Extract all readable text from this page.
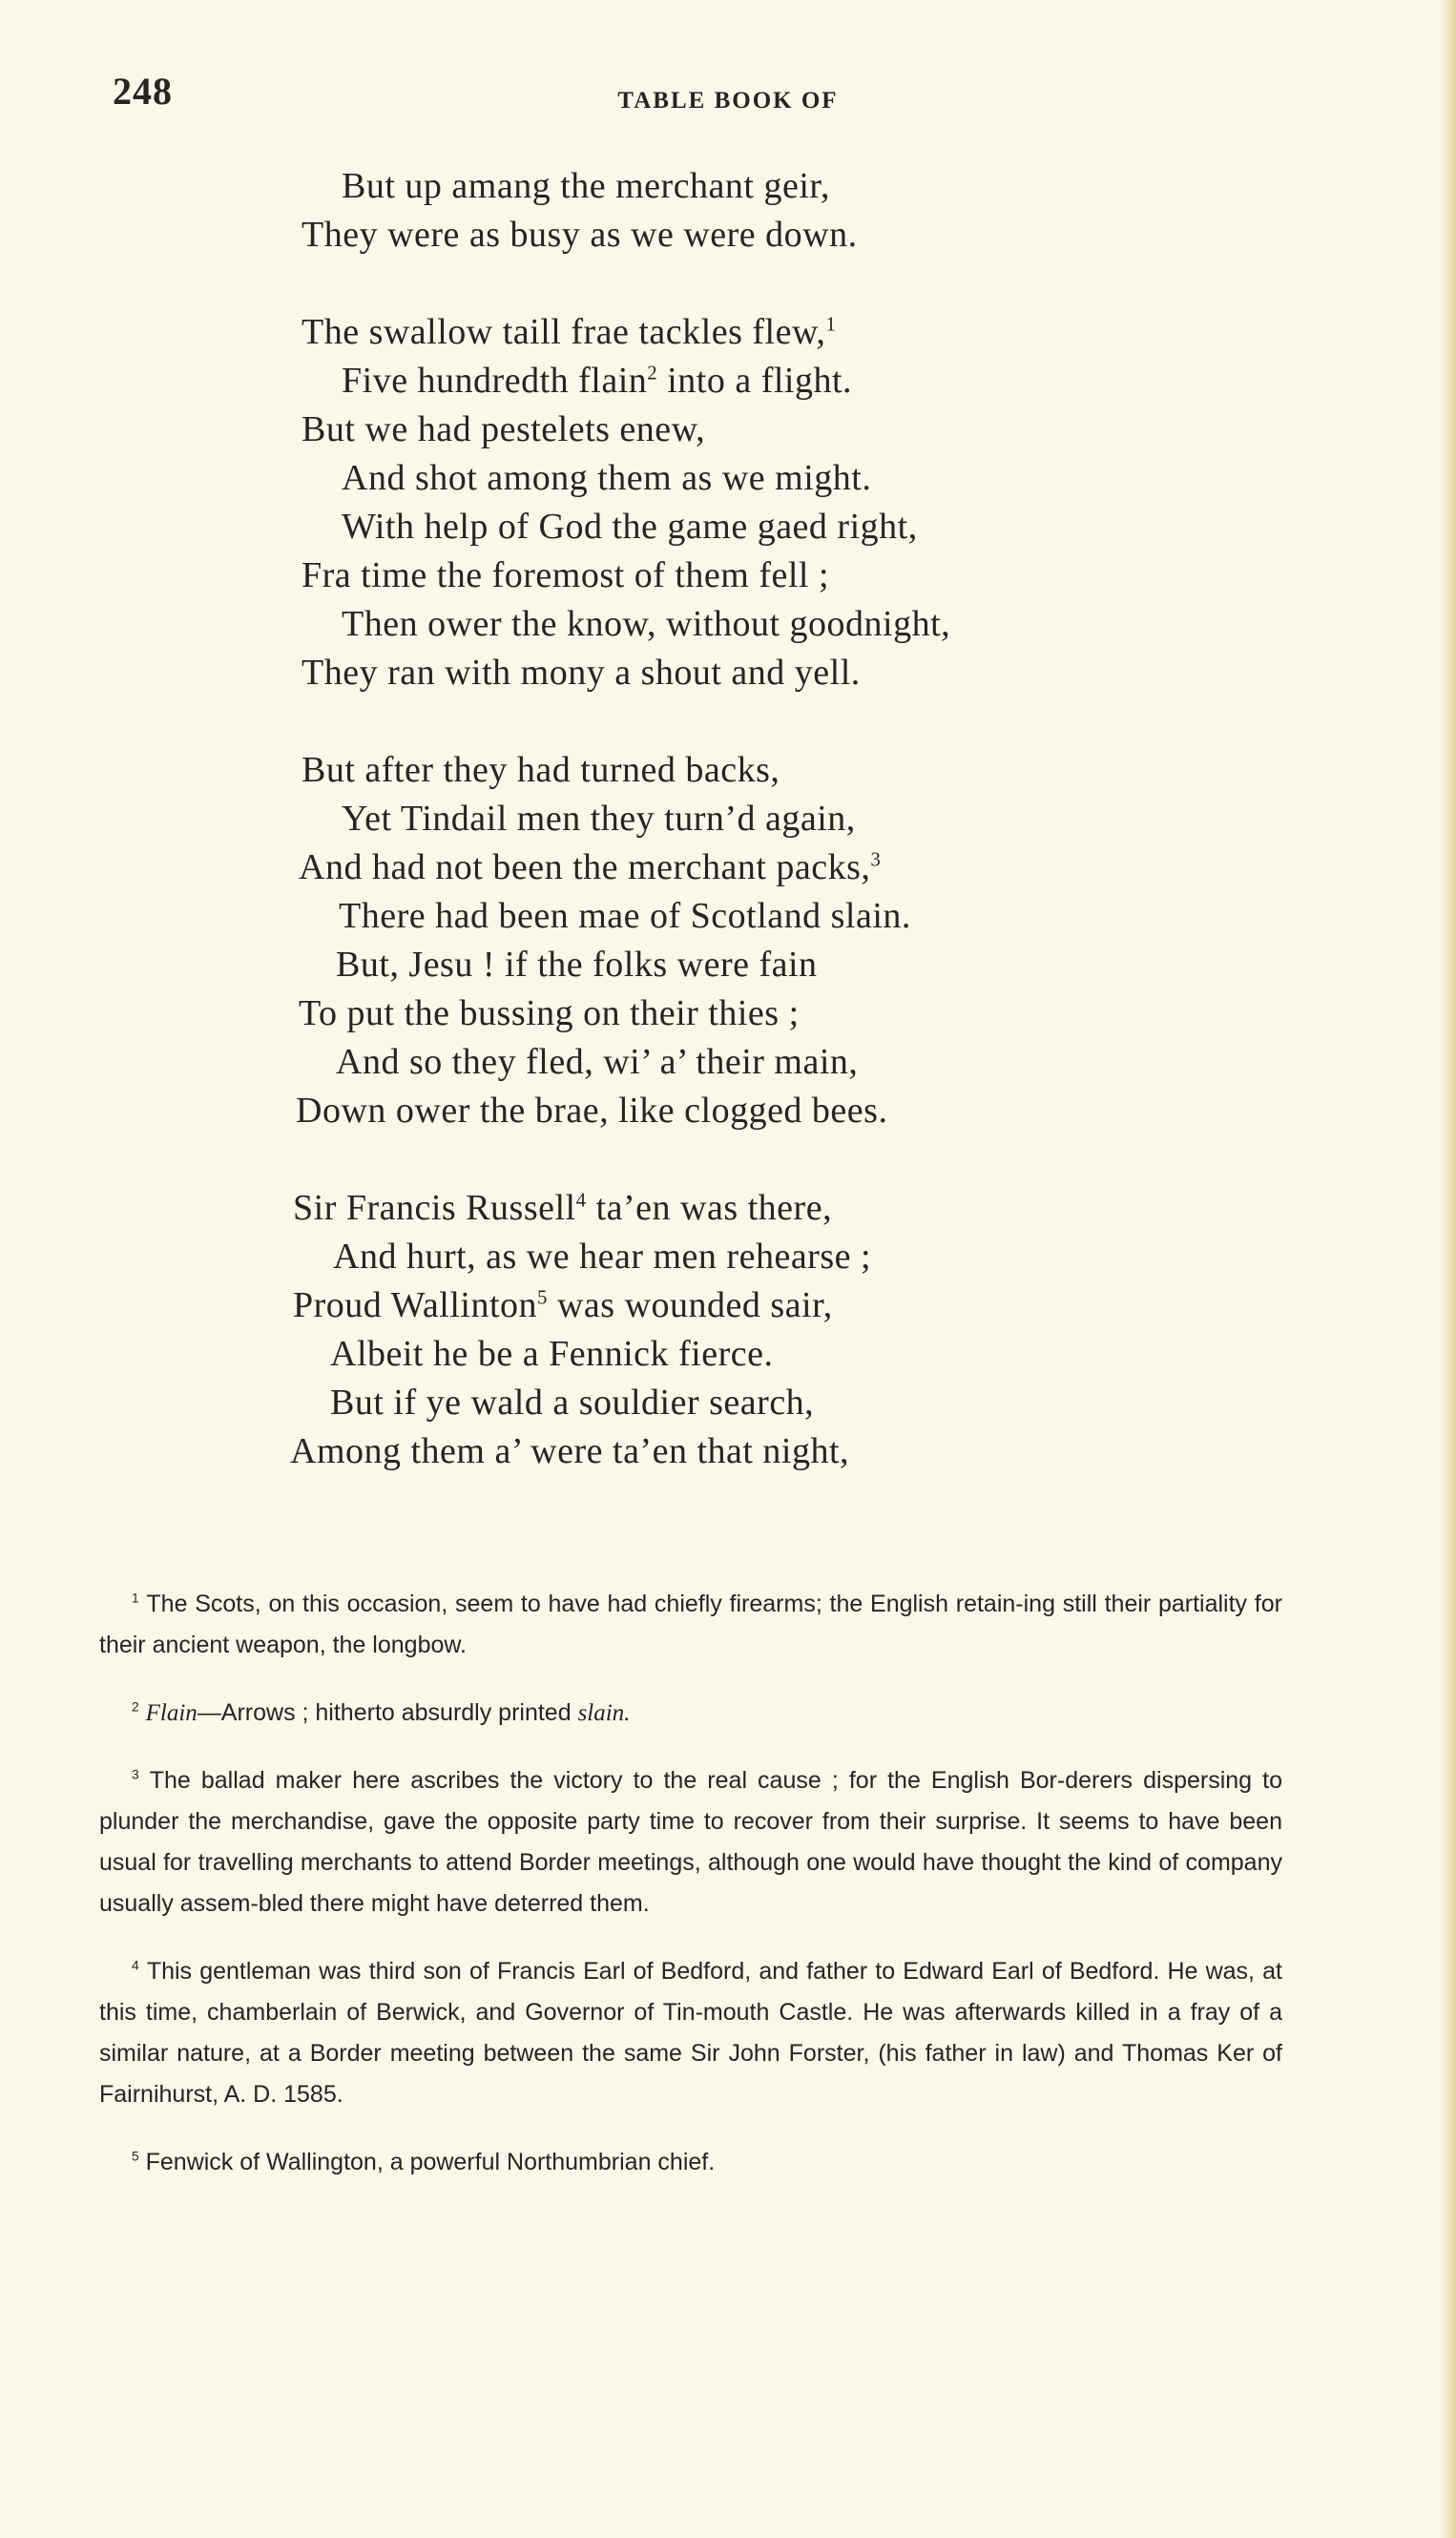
248	TABLE BOOK OF
But up amang the merchant geir,
They were as busy as we were down.
The swallow taill frae tackles flew,$^1$
Five hundredth flain$^2$ into a flight.
But we had pestelets enew,
And shot among them as we might.
With help of God the game gaed right,
Fra time the foremost of them fell ;
Then ower the know, without goodnight,
They ran with mony a shout and yell.
But after they had turned backs,
Yet Tindail men they turn’d again,
And had not been the merchant packs,$^3$
There had been mae of Scotland slain.
But, Jesu ! if the folks were fain
To put the bussing on their thies ;
And so they fled, wi’ a’ their main,
Down ower the brae, like clogged bees.
Sir Francis Russell$^4$ ta’en was there,
And hurt, as we hear men rehearse ;
Proud Wallinton$^5$ was wounded sair,
Albeit he be a Fennick fierce.
But if ye wald a souldier search,
Among them a’ were ta’en that night,

$^1$ The Scots, on this occasion, seem to have had chiefly firearms; the English retain-ing still their partiality for their ancient weapon, the longbow.

$^2$ Flain—Arrows ; hitherto absurdly printed slain.

$^3$ The ballad maker here ascribes the victory to the real cause ; for the English Bor-derers dispersing to plunder the merchandise, gave the opposite party time to recover from their surprise. It seems to have been usual for travelling merchants to attend Border meetings, although one would have thought the kind of company usually assem-bled there might have deterred them.

$^4$ This gentleman was third son of Francis Earl of Bedford, and father to Edward Earl of Bedford. He was, at this time, chamberlain of Berwick, and Governor of Tin-mouth Castle. He was afterwards killed in a fray of a similar nature, at a Border meeting between the same Sir John Forster, (his father in law) and Thomas Ker of Fairnihurst, A. D. 1585.

$^5$ Fenwick of Wallington, a powerful Northumbrian chief.
